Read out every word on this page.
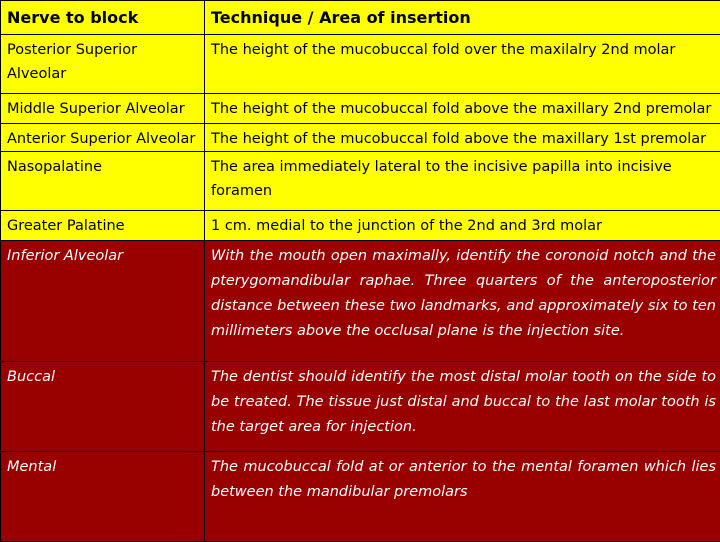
Nerve to block	Technique / Area of insertion
Posterior Superior Alveolar	The height of the mucobuccal fold over the maxilalry 2nd molar
Middle Superior Alveolar	The height of the mucobuccal fold above the maxillary 2nd premolar
Anterior Superior Alveolar	The height of the mucobuccal fold above the maxillary 1st premolar
Nasopalatine	The area immediately lateral to the incisive papilla into incisive foramen
Greater Palatine	1 cm. medial to the junction of the 2nd and 3rd molar
Inferior Alveolar	With the mouth open maximally, identify the coronoid notch and the pterygomandibular raphae. Three quarters of the anteroposterior distance between these two landmarks, and approximately six to ten millimeters above the occlusal plane is the injection site.
Buccal	The dentist should identify the most distal molar tooth on the side to be treated. The tissue just distal and buccal to the last molar tooth is the target area for injection.
Mental	The mucobuccal fold at or anterior to the mental foramen which lies between the mandibular premolars
